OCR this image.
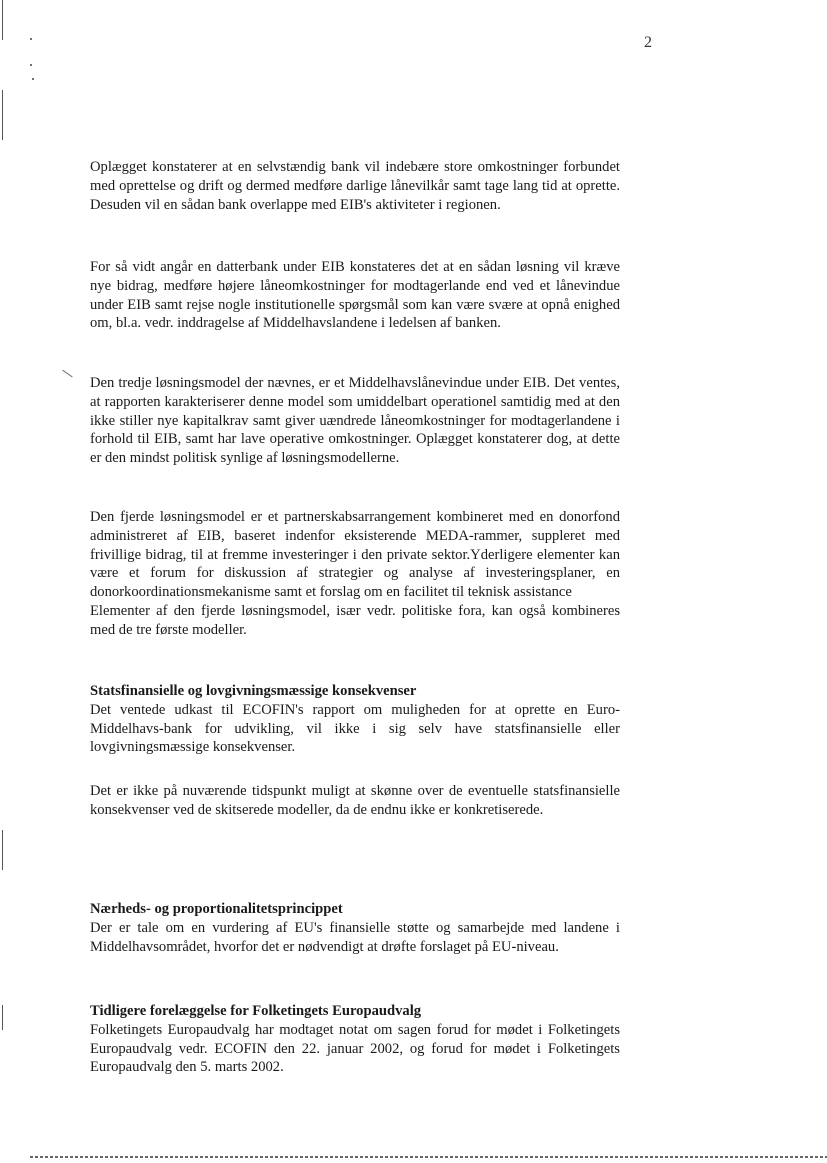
2

Oplægget konstaterer at en selvstændig bank vil indebære store omkostninger forbundet med oprettelse og drift og dermed medføre darlige lånevilkår samt tage lang tid at oprette. Desuden vil en sådan bank overlappe med EIB's aktiviteter i regionen.

For så vidt angår en datterbank under EIB konstateres det at en sådan løsning vil kræve nye bidrag, medføre højere låneomkostninger for modtagerlande end ved et lånevindue under EIB samt rejse nogle institutionelle spørgsmål som kan være svære at opnå enighed om, bl.a. vedr. inddragelse af Middelhavslandene i ledelsen af banken.

Den tredje løsningsmodel der nævnes, er et Middelhavslånevindue under EIB. Det ventes, at rapporten karakteriserer denne model som umiddelbart operationel samtidig med at den ikke stiller nye kapitalkrav samt giver uændrede låneomkostninger for modtagerlandene i forhold til EIB, samt har lave operative omkostninger. Oplægget konstaterer dog, at dette er den mindst politisk synlige af løsningsmodellerne.

Den fjerde løsningsmodel er et partnerskabsarrangement kombineret med en donorfond administreret af EIB, baseret indenfor eksisterende MEDA-rammer, suppleret med frivillige bidrag, til at fremme investeringer i den private sektor.Yderligere elementer kan være et forum for diskussion af strategier og analyse af investeringsplaner, en donorkoordinationsmekanisme samt et forslag om en facilitet til teknisk assistance

Elementer af den fjerde løsningsmodel, især vedr. politiske fora, kan også kombineres med de tre første modeller.

Statsfinansielle og lovgivningsmæssige konsekvenser

Det ventede udkast til ECOFIN's rapport om muligheden for at oprette en Euro-Middelhavs-bank for udvikling, vil ikke i sig selv have statsfinansielle eller lovgivningsmæssige konsekvenser.

Det er ikke på nuværende tidspunkt muligt at skønne over de eventuelle statsfinansielle konsekvenser ved de skitserede modeller, da de endnu ikke er konkretiserede.

Nærheds- og proportionalitetsprincippet

Der er tale om en vurdering af EU's finansielle støtte og samarbejde med landene i Middelhavsområdet, hvorfor det er nødvendigt at drøfte forslaget på EU-niveau.

Tidligere forelæggelse for Folketingets Europaudvalg

Folketingets Europaudvalg har modtaget notat om sagen forud for mødet i Folketingets Europaudvalg vedr. ECOFIN den 22. januar 2002, og forud for mødet i Folketingets Europaudvalg den 5. marts 2002.
